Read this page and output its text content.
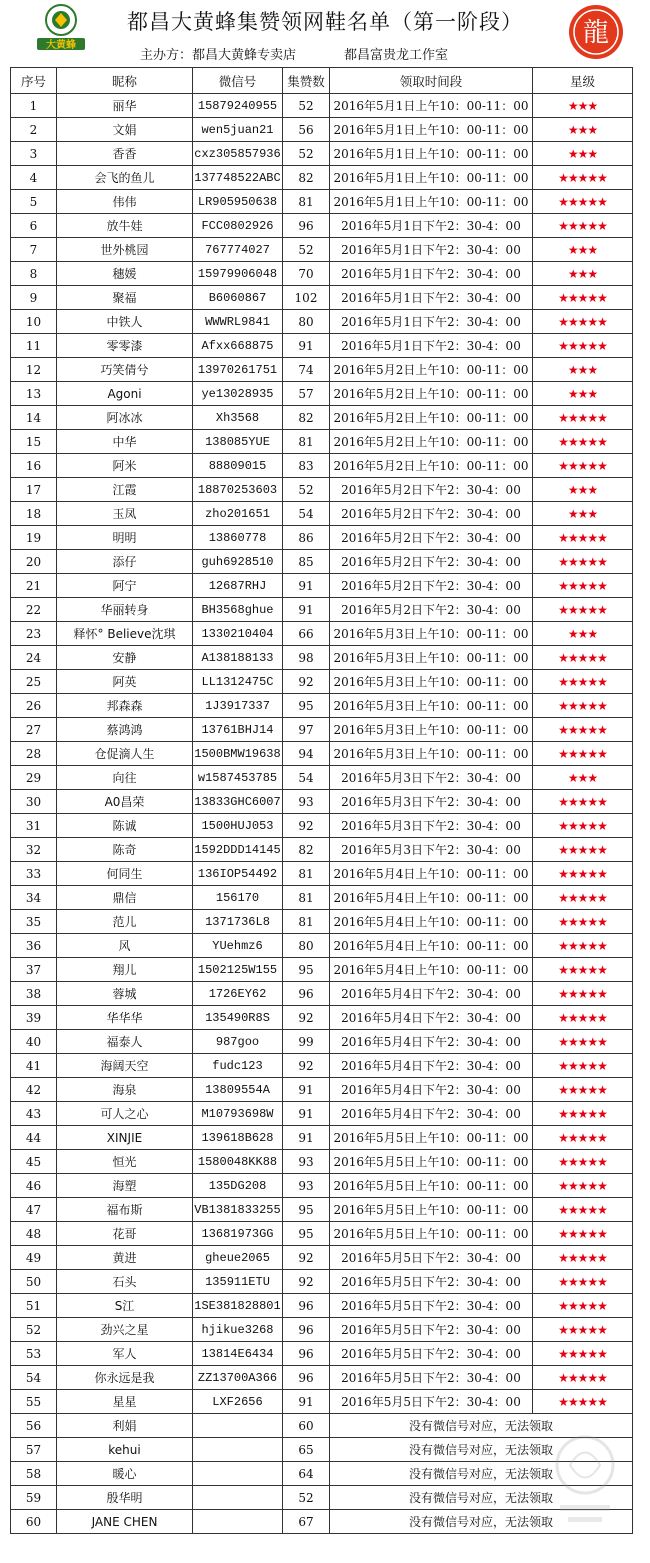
大黄蜂
都昌大黄蜂集赞领网鞋名单（第一阶段）
主办方：都昌大黄蜂专卖店	都昌富贵龙工作室
龍
序号	昵称	微信号	集赞数	领取时间段	星级
1	丽华	15879240955	52	2016年5月1日上午10：00-11：00	★★★
2	文娟	wen5juan21	56	2016年5月1日上午10：00-11：00	★★★
3	香香	cxz305857936	52	2016年5月1日上午10：00-11：00	★★★
4	会飞的鱼儿	137748522ABC	82	2016年5月1日上午10：00-11：00	★★★★★
5	伟伟	LR905950638	81	2016年5月1日上午10：00-11：00	★★★★★
6	放牛娃	FCC0802926	96	2016年5月1日下午2：30-4：00	★★★★★
7	世外桃园	767774027	52	2016年5月1日下午2：30-4：00	★★★
8	穗媛	15979906048	70	2016年5月1日下午2：30-4：00	★★★
9	聚福	B6060867	102	2016年5月1日下午2：30-4：00	★★★★★
10	中铁人	WWWRL9841	80	2016年5月1日下午2：30-4：00	★★★★★
11	零零漆	Afxx668875	91	2016年5月1日下午2：30-4：00	★★★★★
12	巧笑倩兮	13970261751	74	2016年5月2日上午10：00-11：00	★★★
13	Agoni	ye13028935	57	2016年5月2日上午10：00-11：00	★★★
14	阿冰冰	Xh3568	82	2016年5月2日上午10：00-11：00	★★★★★
15	中华	138085YUE	81	2016年5月2日上午10：00-11：00	★★★★★
16	阿米	88809015	83	2016年5月2日上午10：00-11：00	★★★★★
17	江霞	18870253603	52	2016年5月2日下午2：30-4：00	★★★
18	玉凤	zho201651	54	2016年5月2日下午2：30-4：00	★★★
19	明明	13860778	86	2016年5月2日下午2：30-4：00	★★★★★
20	添仔	guh6928510	85	2016年5月2日下午2：30-4：00	★★★★★
21	阿宁	12687RHJ	91	2016年5月2日下午2：30-4：00	★★★★★
22	华丽转身	BH3568ghue	91	2016年5月2日下午2：30-4：00	★★★★★
23	释怀° Believe沈琪	1330210404	66	2016年5月3日上午10：00-11：00	★★★
24	安静	A138188133	98	2016年5月3日上午10：00-11：00	★★★★★
25	阿英	LL1312475C	92	2016年5月3日上午10：00-11：00	★★★★★
26	邦森森	1J3917337	95	2016年5月3日上午10：00-11：00	★★★★★
27	蔡鸿鸿	13761BHJ14	97	2016年5月3日上午10：00-11：00	★★★★★
28	仓促滴人生	1500BMW19638	94	2016年5月3日上午10：00-11：00	★★★★★
29	向往	w1587453785	54	2016年5月3日下午2：30-4：00	★★★
30	A0昌荣	13833GHC6007	93	2016年5月3日下午2：30-4：00	★★★★★
31	陈诚	1500HUJ053	92	2016年5月3日下午2：30-4：00	★★★★★
32	陈奇	1592DDD14145	82	2016年5月3日下午2：30-4：00	★★★★★
33	何同生	136IOP54492	81	2016年5月4日上午10：00-11：00	★★★★★
34	鼎信	156170	81	2016年5月4日上午10：00-11：00	★★★★★
35	范儿	1371736L8	81	2016年5月4日上午10：00-11：00	★★★★★
36	风	YUehmz6	80	2016年5月4日上午10：00-11：00	★★★★★
37	翔儿	1502125W155	95	2016年5月4日上午10：00-11：00	★★★★★
38	蓉城	1726EY62	96	2016年5月4日下午2：30-4：00	★★★★★
39	华华华	135490R8S	92	2016年5月4日下午2：30-4：00	★★★★★
40	福泰人	987goo	99	2016年5月4日下午2：30-4：00	★★★★★
41	海阔天空	fudc123	92	2016年5月4日下午2：30-4：00	★★★★★
42	海泉	13809554A	91	2016年5月4日下午2：30-4：00	★★★★★
43	可人之心	M10793698W	91	2016年5月4日下午2：30-4：00	★★★★★
44	XINJIE	139618B628	91	2016年5月5日上午10：00-11：00	★★★★★
45	恒光	1580048KK88	93	2016年5月5日上午10：00-11：00	★★★★★
46	海塑	135DG208	93	2016年5月5日上午10：00-11：00	★★★★★
47	福布斯	VB1381833255	95	2016年5月5日上午10：00-11：00	★★★★★
48	花哥	13681973GG	95	2016年5月5日上午10：00-11：00	★★★★★
49	黄进	gheue2065	92	2016年5月5日下午2：30-4：00	★★★★★
50	石头	135911ETU	92	2016年5月5日下午2：30-4：00	★★★★★
51	S江	1SE381828801	96	2016年5月5日下午2：30-4：00	★★★★★
52	劲兴之星	hjikue3268	96	2016年5月5日下午2：30-4：00	★★★★★
53	军人	13814E6434	96	2016年5月5日下午2：30-4：00	★★★★★
54	你永远是我	ZZ13700A366	96	2016年5月5日下午2：30-4：00	★★★★★
55	星星	LXF2656	91	2016年5月5日下午2：30-4：00	★★★★★
56	利娟		60	没有微信号对应，无法领取	
57	kehui		65	没有微信号对应，无法领取	
58	暖心		64	没有微信号对应，无法领取	
59	殷华明		52	没有微信号对应，无法领取	
60	JANE CHEN		67	没有微信号对应，无法领取	
